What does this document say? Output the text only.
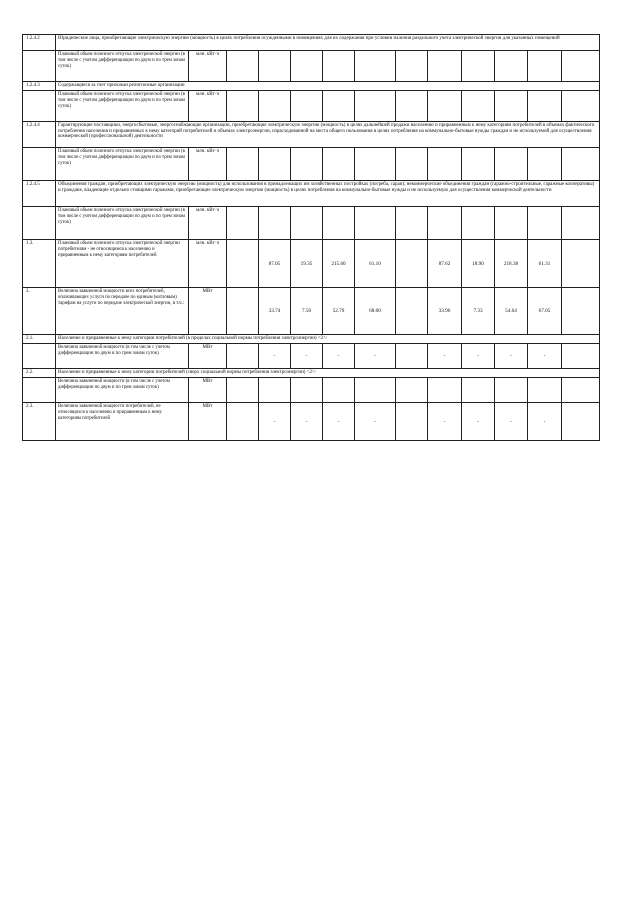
1.2.4.2	Юридические лица, приобретающие электрическую энергию (мощность) в целях потребления осужденными в помещениях для их содержания при условии наличия раздельного учета электрической энергии для указанных помещений												
	Плановый объем полезного отпуска электрической энергии (в том числе с учетом дифференциации по двум и по трем зонам суток)	млн. кВт·ч											
1.2.4.3	Содержащиеся за счет прихожан религиозные организации												
	Плановый объем полезного отпуска электрической энергии (в том числе с учетом дифференциации по двум и по трем зонам суток)	млн. кВт·ч											
1.2.4.4	Гарантирующие поставщики, энергосбытовые, энергоснабжающие организации, приобретающие электрическую энергию (мощность) в целях дальнейшей продажи населению и приравненным к нему категориям потребителей в объемах фактического потребления населения и приравненных к нему категорий потребителей и объемах электроэнергии, израсходованной на места общего пользования в целях потребления на коммунально-бытовые нужды граждан и не используемой для осуществления коммерческой (профессиональной) деятельности												
	Плановый объем полезного отпуска электрической энергии (в том числе с учетом дифференциации по двум и по трем зонам суток)	млн. кВт·ч											
1.2.4.5	Объединения граждан, приобретающих электрическую энергию (мощность) для использования в принадлежащих им хозяйственных постройках (погреба, сараи); некоммерческие объединения граждан (гаражно-строительные, гаражные кооперативы) и граждане, владеющие отдельно стоящими гаражами, приобретающие электрическую энергию (мощность) в целях потребления на коммунально-бытовые нужды и не используемую для осуществления коммерческой деятельности												
	Плановый объем полезного отпуска электрической энергии (в том числе с учетом дифференциации по двум и по трем зонам суток)	млн. кВт·ч											
1.3.	Плановый объем полезного отпуска электрической энергии потребителям - не относящимся к населению и приравненным к нему категориям потребителей	млн. кВт·ч		87.05	19.35	215.60	61.10		87.62	18.90	218.38	61.31	
2.	Величина заявленной мощности всех потребителей, оплачивающих услуги по передаче по единым (котловым) тарифам на услуги по передаче электрической энергии, в т.ч.:	МВт		33.74	7.50	52.79	68.00		33.96	7.33	54.64	67.05	
2.1.	Население и приравненные к нему категории потребителей (в пределах социальной нормы потребления электроэнергии) <2>:												
	Величина заявленной мощности (в том числе с учетом дифференциации по двум и по трем зонам суток)	МВт		-	-	-	-		-	-	-	-	
2.2.	Население и приравненные к нему категории потребителей (сверх социальной нормы потребления электроэнергии) <2>:												
	Величина заявленной мощности (в том числе с учетом дифференциации по двум и по трем зонам суток)	МВт											
2.3.	Величина заявленной мощности потребителей, не относящихся к населению и приравненным к нему категориям потребителей	МВт		-	-	-	-		-	-	-	-	
